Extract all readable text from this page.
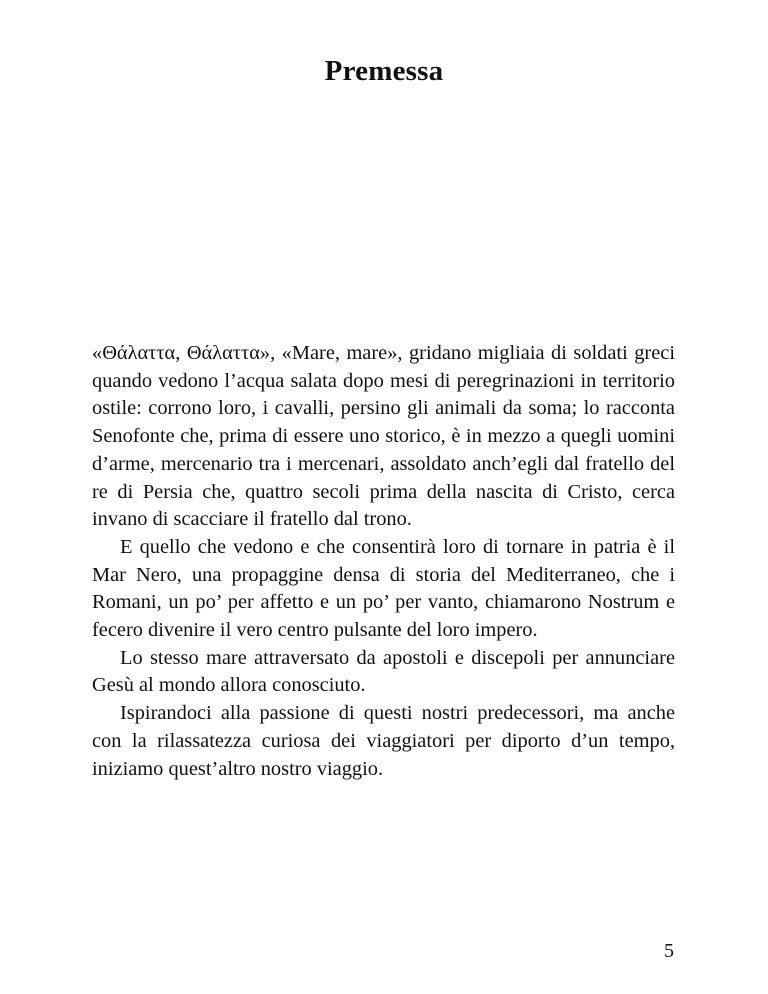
Premessa

«Θάλαττα, Θάλαττα», «Mare, mare», gridano migliaia di soldati greci quando vedono l’acqua salata dopo mesi di peregrinazioni in territorio ostile: corrono loro, i cavalli, persino gli animali da soma; lo racconta Senofonte che, prima di essere uno storico, è in mezzo a quegli uomini d’arme, mercenario tra i mercenari, assoldato anch’egli dal fratello del re di Persia che, quattro secoli prima della nascita di Cristo, cerca invano di scacciare il fratello dal trono.

E quello che vedono e che consentirà loro di tornare in patria è il Mar Nero, una propaggine densa di storia del Mediterraneo, che i Romani, un po’ per affetto e un po’ per vanto, chiamarono Nostrum e fecero divenire il vero centro pulsante del loro impero.

Lo stesso mare attraversato da apostoli e discepoli per annunciare Gesù al mondo allora conosciuto.

Ispirandoci alla passione di questi nostri predecessori, ma anche con la rilassatezza curiosa dei viaggiatori per diporto d’un tempo, iniziamo quest’altro nostro viaggio.

5
